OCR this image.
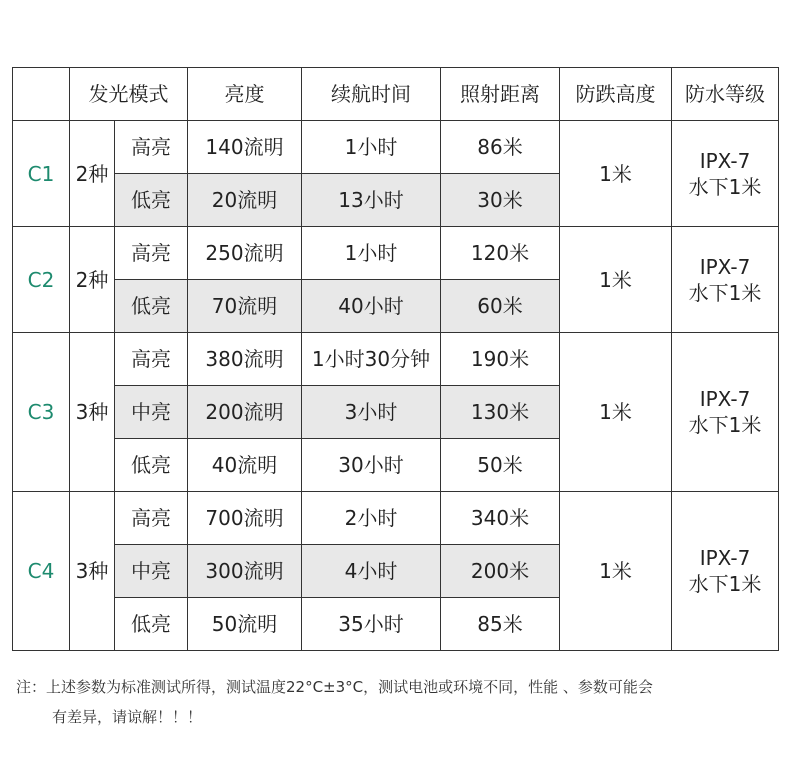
	发光模式		亮度	续航时间	照射距离	防跌高度	防水等级
C1	2种	高亮	140流明	1小时	86米	1米	IPX-7
水下1米

		低亮	20流明	13小时	30米		
C2	2种	高亮	250流明	1小时	120米	1米	IPX-7
水下1米

		低亮	70流明	40小时	60米		
C3	3种	高亮	380流明	1小时30分钟	190米	1米	IPX-7
水下1米

		中亮	200流明	3小时	130米		
		低亮	40流明	30小时	50米		
C4	3种	高亮	700流明	2小时	340米	1米	IPX-7
水下1米

		中亮	300流明	4小时	200米		
		低亮	50流明	35小时	85米		
注：上述参数为标准测试所得，测试温度22°C±3°C，测试电池或环境不同，性能 、参数可能会
有差异，请谅解！！！
